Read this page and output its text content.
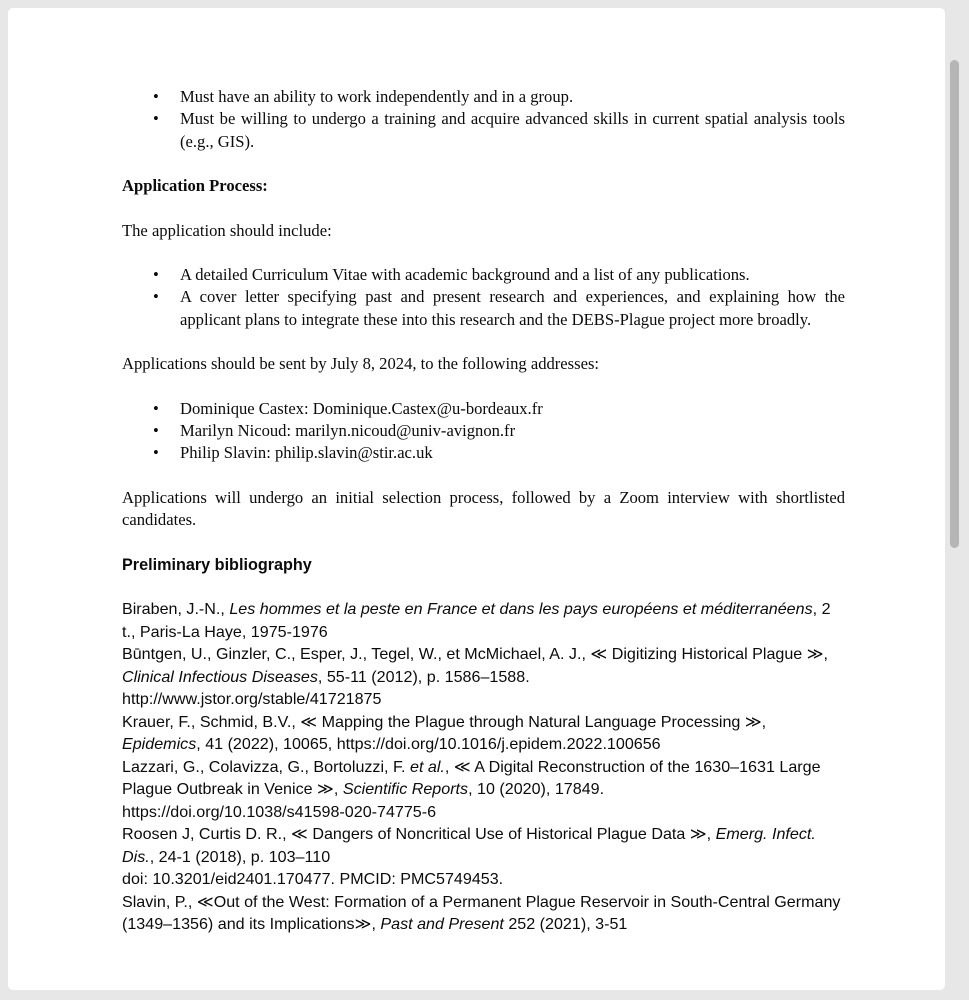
• Must have an ability to work independently and in a group.
• Must be willing to undergo a training and acquire advanced skills in current spatial analysis tools (e.g., GIS).

Application Process:

The application should include:

• A detailed Curriculum Vitae with academic background and a list of any publications.
• A cover letter specifying past and present research and experiences, and explaining how the applicant plans to integrate these into this research and the DEBS-Plague project more broadly.

Applications should be sent by July 8, 2024, to the following addresses:

• Dominique Castex: Dominique.Castex@u-bordeaux.fr
• Marilyn Nicoud: marilyn.nicoud@univ-avignon.fr
• Philip Slavin: philip.slavin@stir.ac.uk

Applications will undergo an initial selection process, followed by a Zoom interview with shortlisted candidates.

Preliminary bibliography

Biraben, J.-N., Les hommes et la peste en France et dans les pays européens et méditerranéens, 2 t., Paris-La Haye, 1975-1976
Būntgen, U., Ginzler, C., Esper, J., Tegel, W., et McMichael, A. J., ≪ Digitizing Historical Plague ≫, Clinical Infectious Diseases, 55-11 (2012), p. 1586–1588.
http://www.jstor.org/stable/41721875
Krauer, F., Schmid, B.V., ≪ Mapping the Plague through Natural Language Processing ≫, Epidemics, 41 (2022), 10065, https://doi.org/10.1016/j.epidem.2022.100656
Lazzari, G., Colavizza, G., Bortoluzzi, F. et al., ≪ A Digital Reconstruction of the 1630–1631 Large Plague Outbreak in Venice ≫, Scientific Reports, 10 (2020), 17849.
https://doi.org/10.1038/s41598-020-74775-6
Roosen J, Curtis D. R., ≪ Dangers of Noncritical Use of Historical Plague Data ≫, Emerg. Infect. Dis., 24-1 (2018), p. 103–110
doi: 10.3201/eid2401.170477. PMCID: PMC5749453.
Slavin, P., ≪Out of the West: Formation of a Permanent Plague Reservoir in South-Central Germany (1349–1356) and its Implications≫, Past and Present 252 (2021), 3-51
